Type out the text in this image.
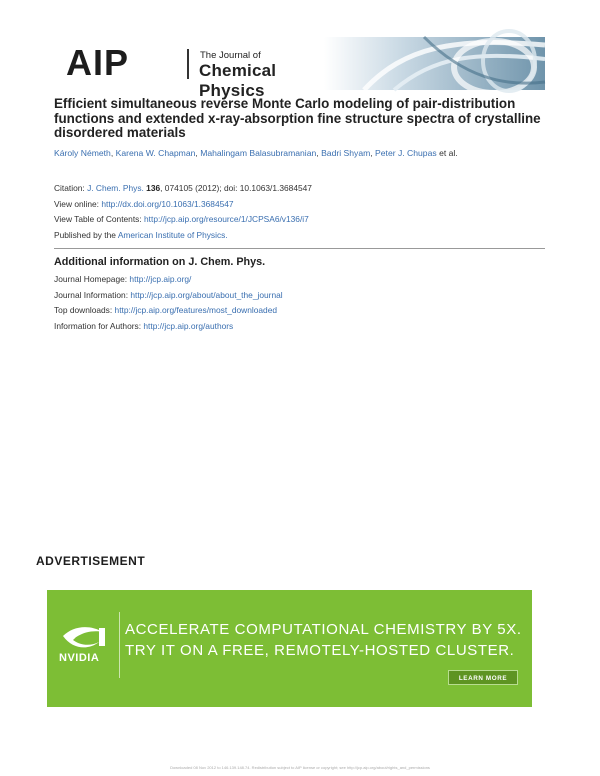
AIP	The Journal of
Chemical Physics
Efficient simultaneous reverse Monte Carlo modeling of pair-distribution functions and extended x-ray-absorption fine structure spectra of crystalline disordered materials
Károly Németh, Karena W. Chapman, Mahalingam Balasubramanian, Badri Shyam, Peter J. Chupas et al.
Citation: J. Chem. Phys. 136, 074105 (2012); doi: 10.1063/1.3684547
View online: http://dx.doi.org/10.1063/1.3684547
View Table of Contents: http://jcp.aip.org/resource/1/JCPSA6/v136/i7
Published by the American Institute of Physics.
Additional information on J. Chem. Phys.
Journal Homepage: http://jcp.aip.org/
Journal Information: http://jcp.aip.org/about/about_the_journal
Top downloads: http://jcp.aip.org/features/most_downloaded
Information for Authors: http://jcp.aip.org/authors
ADVERTISEMENT
NVIDIA
ACCELERATE COMPUTATIONAL CHEMISTRY BY 5X.
TRY IT ON A FREE, REMOTELY-HOSTED CLUSTER.
LEARN MORE
Downloaded 08 Nov 2012 to 146.139.148.74. Redistribution subject to AIP license or copyright; see http://jcp.aip.org/about/rights_and_permissions
